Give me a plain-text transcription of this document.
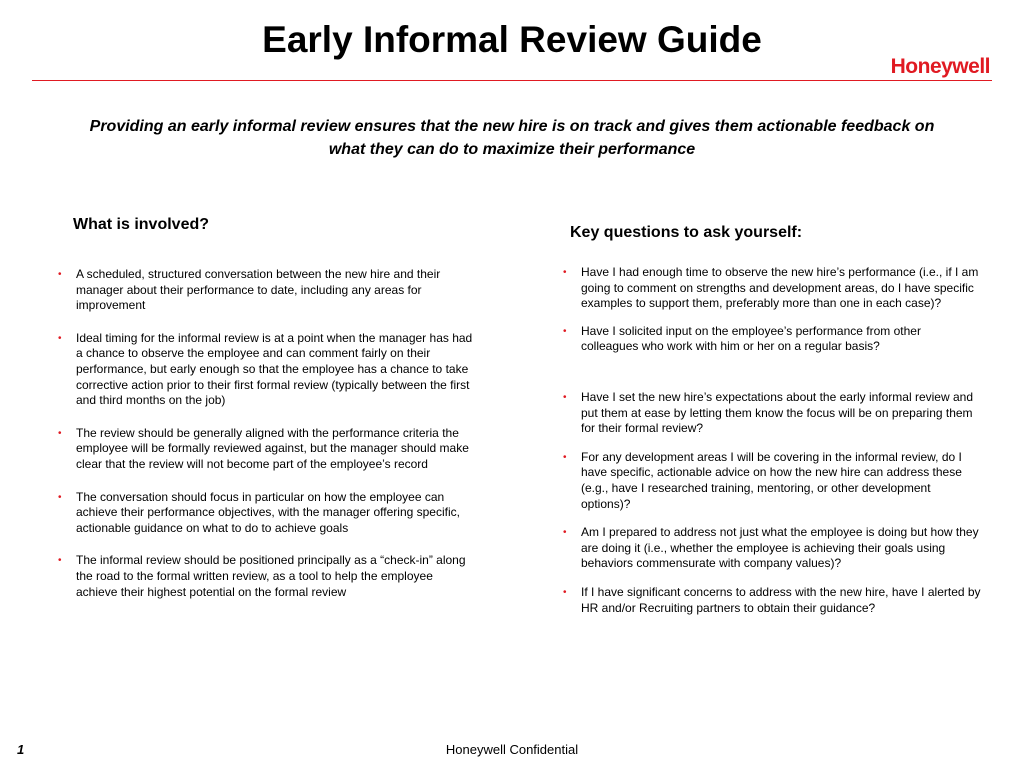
Early Informal Review Guide
Honeywell

Providing an early informal review ensures that the new hire is on track and gives them actionable feedback on what they can do to maximize their performance

What is involved?
• A scheduled, structured conversation between the new hire and their manager about their performance to date, including any areas for improvement
• Ideal timing for the informal review is at a point when the manager has had a chance to observe the employee and can comment fairly on their performance, but early enough so that the employee has a chance to take corrective action prior to their first formal review (typically between the first and third months on the job)
• The review should be generally aligned with the performance criteria the employee will be formally reviewed against, but the manager should make clear that the review will not become part of the employee’s record
• The conversation should focus in particular on how the employee can achieve their performance objectives, with the manager offering specific, actionable guidance on what to do to achieve goals
• The informal review should be positioned principally as a “check-in” along the road to the formal written review, as a tool to help the employee achieve their highest potential on the formal review
Key questions to ask yourself:
• Have I had enough time to observe the new hire’s performance (i.e., if I am going to comment on strengths and development areas, do I have specific examples to support them, preferably more than one in each case)?
• Have I solicited input on the employee’s performance from other colleagues who work with him or her on a regular basis?
• Have I set the new hire’s expectations about the early informal review and put them at ease by letting them know the focus will be on preparing them for their formal review?
• For any development areas I will be covering in the informal review, do I have specific, actionable advice on how the new hire can address these (e.g., have I researched training, mentoring, or other development options)?
• Am I prepared to address not just what the employee is doing but how they are doing it (i.e., whether the employee is achieving their goals using behaviors commensurate with company values)?
• If I have significant concerns to address with the new hire, have I alerted by HR and/or Recruiting partners to obtain their guidance?
1	Honeywell Confidential
